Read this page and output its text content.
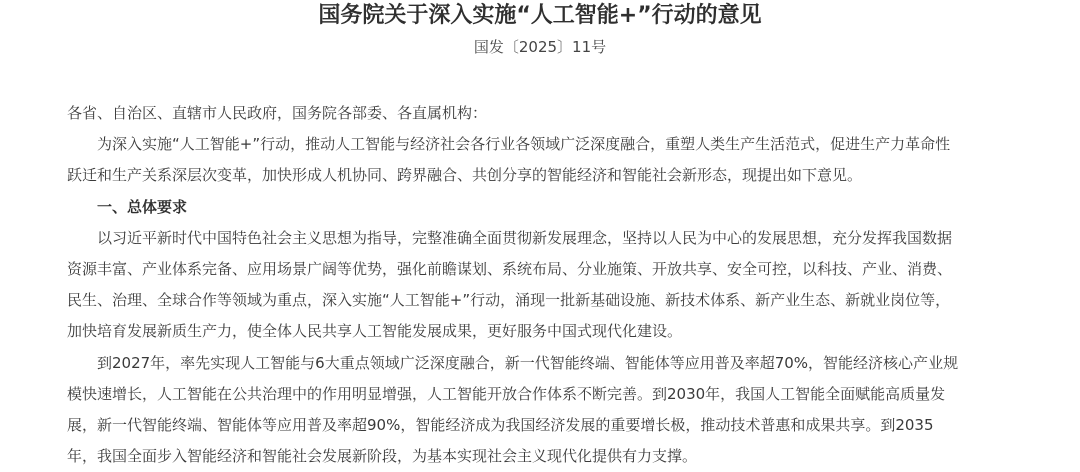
国务院关于深入实施“人工智能+”行动的意见
国发〔2025〕11号

各省、自治区、直辖市人民政府，国务院各部委、各直属机构：

为深入实施“人工智能+”行动，推动人工智能与经济社会各行业各领域广泛深度融合，重塑人类生产生活范式，促进生产力革命性

跃迁和生产关系深层次变革，加快形成人机协同、跨界融合、共创分享的智能经济和智能社会新形态，现提出如下意见。

一、总体要求

以习近平新时代中国特色社会主义思想为指导，完整准确全面贯彻新发展理念，坚持以人民为中心的发展思想，充分发挥我国数据

资源丰富、产业体系完备、应用场景广阔等优势，强化前瞻谋划、系统布局、分业施策、开放共享、安全可控，以科技、产业、消费、

民生、治理、全球合作等领域为重点，深入实施“人工智能+”行动，涌现一批新基础设施、新技术体系、新产业生态、新就业岗位等，

加快培育发展新质生产力，使全体人民共享人工智能发展成果，更好服务中国式现代化建设。

到2027年，率先实现人工智能与6大重点领域广泛深度融合，新一代智能终端、智能体等应用普及率超70%，智能经济核心产业规

模快速增长，人工智能在公共治理中的作用明显增强，人工智能开放合作体系不断完善。到2030年，我国人工智能全面赋能高质量发

展，新一代智能终端、智能体等应用普及率超90%，智能经济成为我国经济发展的重要增长极，推动技术普惠和成果共享。到2035

年，我国全面步入智能经济和智能社会发展新阶段，为基本实现社会主义现代化提供有力支撑。
